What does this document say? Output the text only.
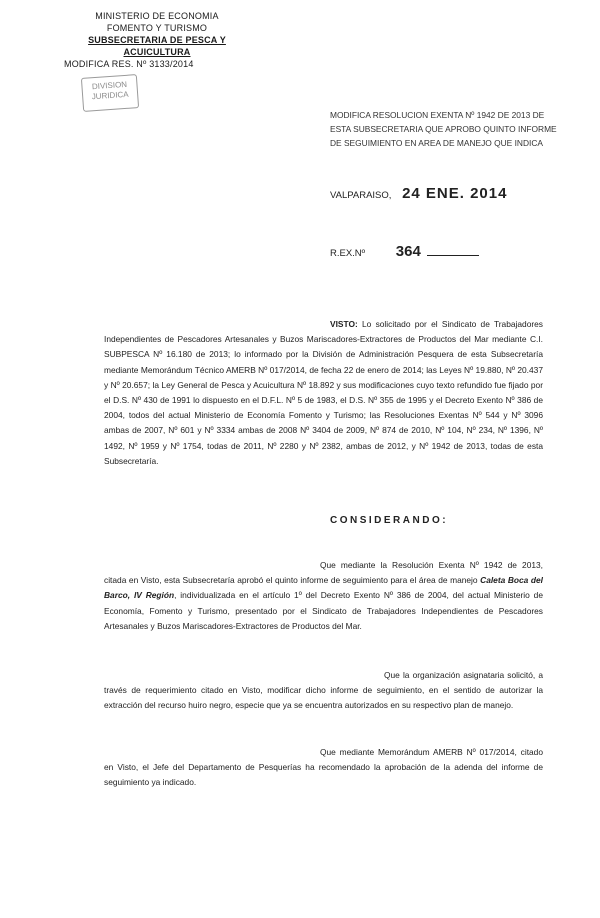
MINISTERIO DE ECONOMIA
FOMENTO Y TURISMO
SUBSECRETARIA DE PESCA Y ACUICULTURA
MODIFICA RES. Nº 3133/2014
DIVISION
JURIDICA
MODIFICA RESOLUCION EXENTA Nº 1942 DE 2013 DE ESTA SUBSECRETARIA QUE APROBO QUINTO INFORME DE SEGUIMIENTO EN AREA DE MANEJO QUE INDICA
VALPARAISO, 24 ENE. 2014
R.EX.Nº 364
VISTO: Lo solicitado por el Sindicato de Trabajadores Independientes de Pescadores Artesanales y Buzos Mariscadores-Extractores de Productos del Mar mediante C.I. SUBPESCA Nº 16.180 de 2013; lo informado por la División de Administración Pesquera de esta Subsecretaría mediante Memorándum Técnico AMERB Nº 017/2014, de fecha 22 de enero de 2014; las Leyes Nº 19.880, Nº 20.437 y Nº 20.657; la Ley General de Pesca y Acuicultura Nº 18.892 y sus modificaciones cuyo texto refundido fue fijado por el D.S. Nº 430 de 1991 lo dispuesto en el D.F.L. Nº 5 de 1983, el D.S. Nº 355 de 1995 y el Decreto Exento Nº 386 de 2004, todos del actual Ministerio de Economía Fomento y Turismo; las Resoluciones Exentas Nº 544 y Nº 3096 ambas de 2007, Nº 601 y Nº 3334 ambas de 2008 Nº 3404 de 2009, Nº 874 de 2010, Nº 104, Nº 234, Nº 1396, Nº 1492, Nº 1959 y Nº 1754, todas de 2011, Nº 2280 y Nº 2382, ambas de 2012, y Nº 1942 de 2013, todas de esta Subsecretaría.
CONSIDERANDO:
Que mediante la Resolución Exenta Nº 1942 de 2013, citada en Visto, esta Subsecretaría aprobó el quinto informe de seguimiento para el área de manejo Caleta Boca del Barco, IV Región, individualizada en el artículo 1º del Decreto Exento Nº 386 de 2004, del actual Ministerio de Economía, Fomento y Turismo, presentado por el Sindicato de Trabajadores Independientes de Pescadores Artesanales y Buzos Mariscadores-Extractores de Productos del Mar.
Que la organización asignataria solicitó, a través de requerimiento citado en Visto, modificar dicho informe de seguimiento, en el sentido de autorizar la extracción del recurso huiro negro, especie que ya se encuentra autorizados en su respectivo plan de manejo.
Que mediante Memorándum AMERB Nº 017/2014, citado en Visto, el Jefe del Departamento de Pesquerías ha recomendado la aprobación de la adenda del informe de seguimiento ya indicado.
